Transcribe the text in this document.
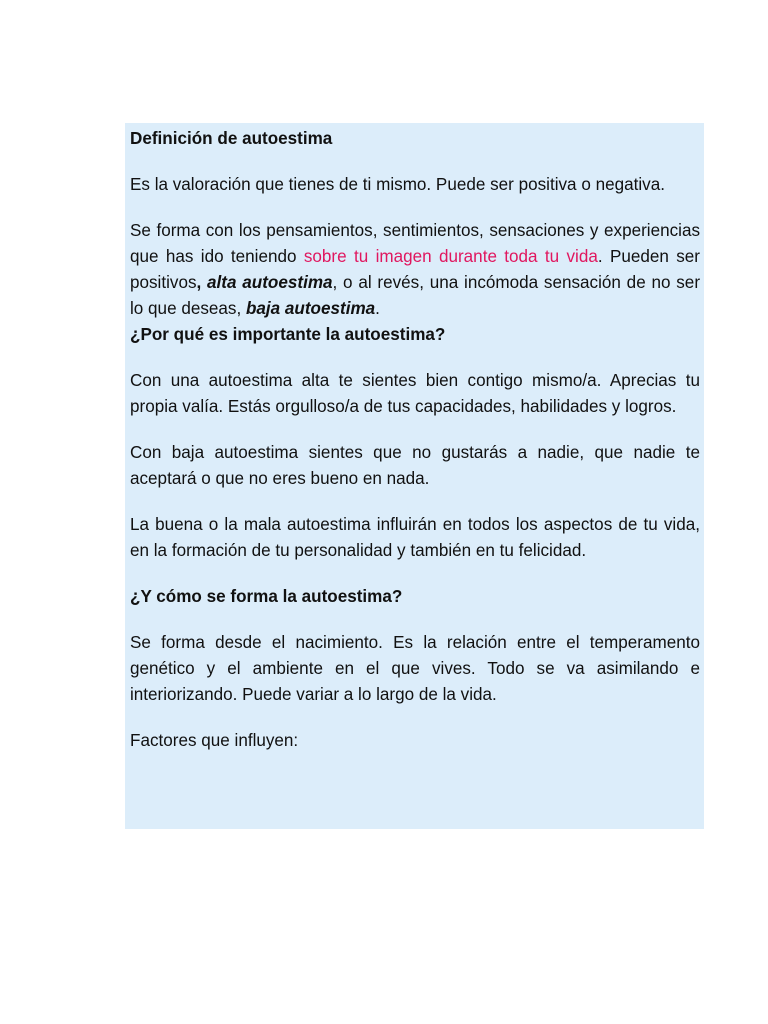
Definición de autoestima

Es la valoración que tienes de ti mismo. Puede ser positiva o negativa.

Se forma con los pensamientos, sentimientos, sensaciones y experiencias que has ido teniendo sobre tu imagen durante toda tu vida. Pueden ser positivos, alta autoestima, o al revés, una incómoda sensación de no ser lo que deseas, baja autoestima.

¿Por qué es importante la autoestima?

Con una autoestima alta te sientes bien contigo mismo/a. Aprecias tu propia valía. Estás orgulloso/a de tus capacidades, habilidades y logros.

Con baja autoestima sientes que no gustarás a nadie, que nadie te aceptará o que no eres bueno en nada.

La buena o la mala autoestima influirán en todos los aspectos de tu vida, en la formación de tu personalidad y también en tu felicidad.

¿Y cómo se forma la autoestima?

Se forma desde el nacimiento. Es la relación entre el temperamento genético y el ambiente en el que vives. Todo se va asimilando e interiorizando. Puede variar a lo largo de la vida.

Factores que influyen:
